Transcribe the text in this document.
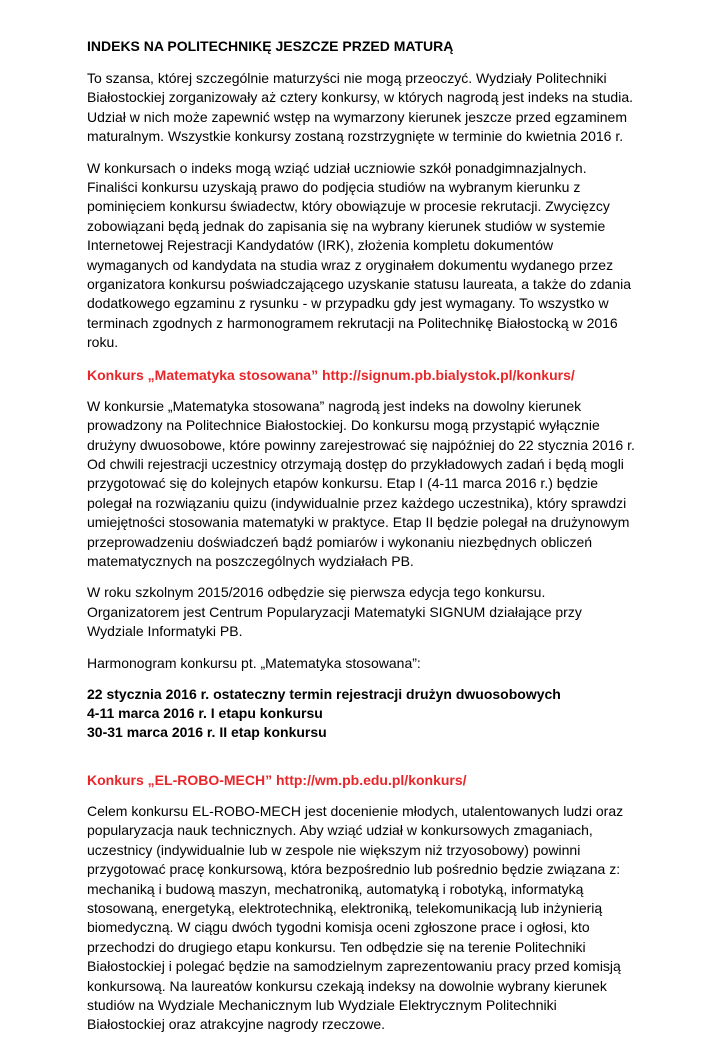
INDEKS NA POLITECHNIKĘ JESZCZE PRZED MATURĄ

To szansa, której szczególnie maturzyści nie mogą przeoczyć. Wydziały Politechniki Białostockiej zorganizowały aż cztery konkursy, w których nagrodą jest indeks na studia. Udział w nich może zapewnić wstęp na wymarzony kierunek jeszcze przed egzaminem maturalnym. Wszystkie konkursy zostaną rozstrzygnięte w terminie do kwietnia 2016 r.

W konkursach o indeks mogą wziąć udział uczniowie szkół ponadgimnazjalnych. Finaliści konkursu uzyskają prawo do podjęcia studiów na wybranym kierunku z pominięciem konkursu świadectw, który obowiązuje w procesie rekrutacji. Zwycięzcy zobowiązani będą jednak do zapisania się na wybrany kierunek studiów w systemie Internetowej Rejestracji Kandydatów (IRK), złożenia kompletu dokumentów wymaganych od kandydata na studia wraz z oryginałem dokumentu wydanego przez organizatora konkursu poświadczającego uzyskanie statusu laureata, a także do zdania dodatkowego egzaminu z rysunku - w przypadku gdy jest wymagany. To wszystko w terminach zgodnych z harmonogramem rekrutacji na Politechnikę Białostocką w 2016 roku.

Konkurs „Matematyka stosowana” http://signum.pb.bialystok.pl/konkurs/

W konkursie „Matematyka stosowana” nagrodą jest indeks na dowolny kierunek prowadzony na Politechnice Białostockiej. Do konkursu mogą przystąpić wyłącznie drużyny dwuosobowe, które powinny zarejestrować się najpóźniej do 22 stycznia 2016 r. Od chwili rejestracji uczestnicy otrzymają dostęp do przykładowych zadań i będą mogli przygotować się do kolejnych etapów konkursu. Etap I (4-11 marca 2016 r.) będzie polegał na rozwiązaniu quizu (indywidualnie przez każdego uczestnika), który sprawdzi umiejętności stosowania matematyki w praktyce. Etap II będzie polegał na drużynowym przeprowadzeniu doświadczeń bądź pomiarów i wykonaniu niezbędnych obliczeń matematycznych na poszczególnych wydziałach PB.

W roku szkolnym 2015/2016 odbędzie się pierwsza edycja tego konkursu. Organizatorem jest Centrum Popularyzacji Matematyki SIGNUM działające przy Wydziale Informatyki PB.

Harmonogram konkursu pt. „Matematyka stosowana”:

22 stycznia 2016 r. ostateczny termin rejestracji drużyn dwuosobowych
4-11 marca 2016 r. I etapu konkursu
30-31 marca 2016 r. II etap konkursu
Konkurs „EL-ROBO-MECH” http://wm.pb.edu.pl/konkurs/

Celem konkursu EL-ROBO-MECH jest docenienie młodych, utalentowanych ludzi oraz popularyzacja nauk technicznych. Aby wziąć udział w konkursowych zmaganiach, uczestnicy (indywidualnie lub w zespole nie większym niż trzyosobowy) powinni przygotować pracę konkursową, która bezpośrednio lub pośrednio będzie związana z: mechaniką i budową maszyn, mechatroniką, automatyką i robotyką, informatyką stosowaną, energetyką, elektrotechniką, elektroniką, telekomunikacją lub inżynierią biomedyczną. W ciągu dwóch tygodni komisja oceni zgłoszone prace i ogłosi, kto przechodzi do drugiego etapu konkursu. Ten odbędzie się na terenie Politechniki Białostockiej i polegać będzie na samodzielnym zaprezentowaniu pracy przed komisją konkursową. Na laureatów konkursu czekają indeksy na dowolnie wybrany kierunek studiów na Wydziale Mechanicznym lub Wydziale Elektrycznym Politechniki Białostockiej oraz atrakcyjne nagrody rzeczowe.
